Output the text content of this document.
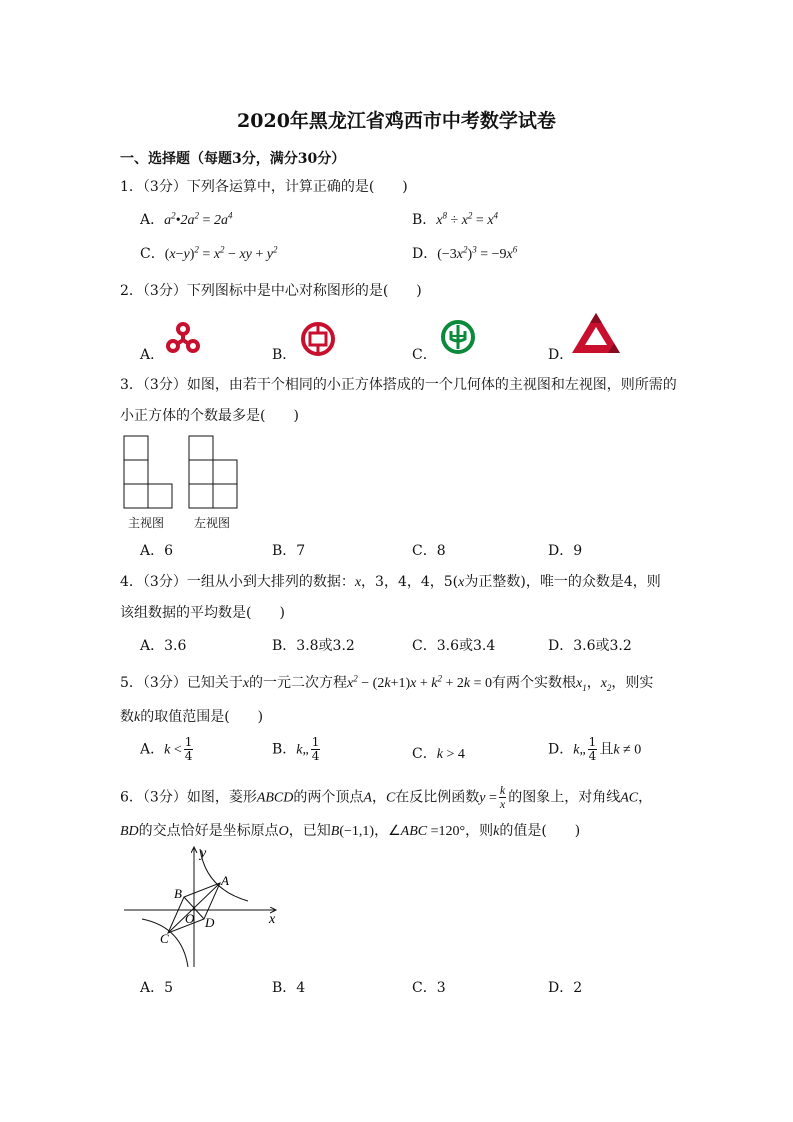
2020年黑龙江省鸡西市中考数学试卷
一、选择题（每题3分，满分30分）
1．（3分）下列各运算中，计算正确的是(　　)
A．$a^2•2a^2 = 2a^4$	B．$x^8 \div x^2 = x^4$
C．$(x-y)^2 = x^2$ − xy + $y^2$	D．$(-3x^2)^3 = -9x^6$
2．（3分）下列图标中是中心对称图形的是(　　)
A．	B．	C．	D．
3．（3分）如图，由若干个相同的小正方体搭成的一个几何体的主视图和左视图，则所需的
小正方体的个数最多是(　　)
主视图 左视图
A．6	B．7	C．8	D．9
4．（3分）一组从小到大排列的数据：x，3，4，4，5(x为正整数)，唯一的众数是4，则
该组数据的平均数是(　　)
A．3.6	B．3.8或3.2	C．3.6或3.4	D．3.6或3.2
5．（3分）已知关于x的一元二次方程$x^2 - (2k+1)x + k^2 + 2k = 0$有两个实数根$x_1$，$x_2$，则实
数k的取值范围是(　　)
A．$k < \frac{1}{4}$	B．k„ $\frac{1}{4}$	C．k > 4	D．k„ $\frac{1}{4}$ 且k ≠ 0
6．（3分）如图，菱形ABCD的两个顶点A，C在反比例函数$y = \frac{k}{x}$ 的图象上，对角线AC，
BD的交点恰好是坐标原点O，已知B(−1,1)，∠ABC =120°，则k的值是(　　)
y
x
A
B
C
D
O
A．5	B．4	C．3	D．2
